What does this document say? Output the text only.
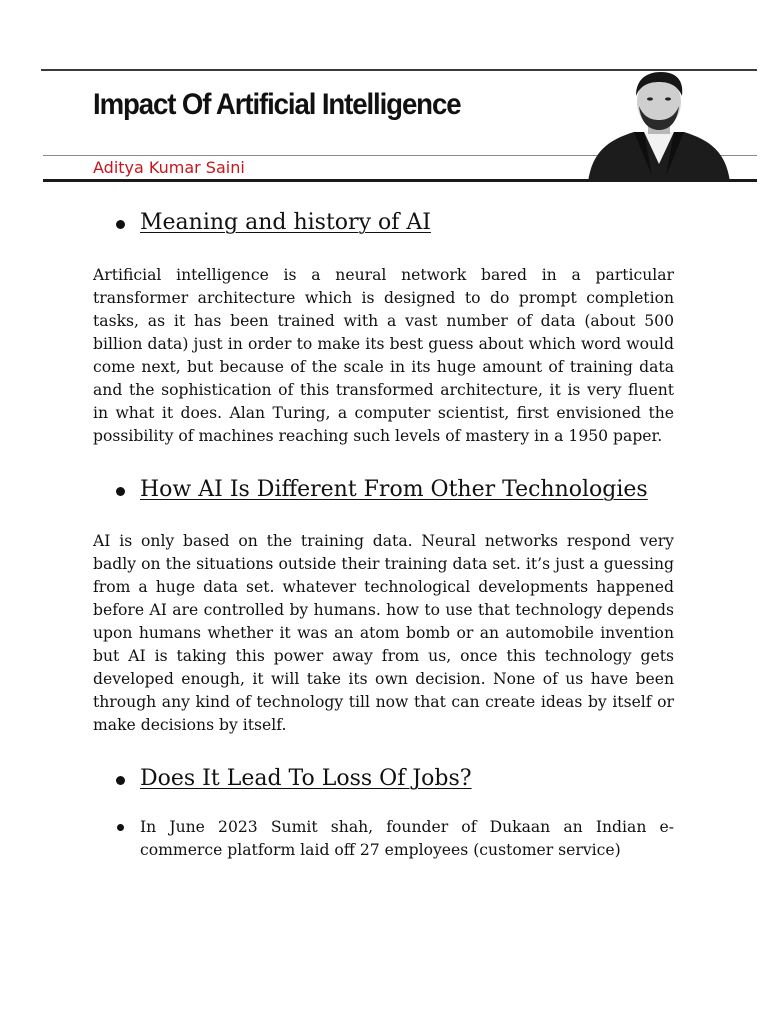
Impact Of Artificial Intelligence
Aditya Kumar Saini
Meaning and history of AI

Artificial intelligence is a neural network bared in a particular transformer architecture which is designed to do prompt completion tasks, as it has been trained with a vast number of data (about 500 billion data) just in order to make its best guess about which word would come next, but because of the scale in its huge amount of training data and the sophistication of this transformed architecture, it is very fluent in what it does. Alan Turing, a computer scientist, first envisioned the possibility of machines reaching such levels of mastery in a 1950 paper.

How AI Is Different From Other Technologies

AI is only based on the training data. Neural networks respond very badly on the situations outside their training data set. it’s just a guessing from a huge data set. whatever technological developments happened before AI are controlled by humans. how to use that technology depends upon humans whether it was an atom bomb or an automobile invention but AI is taking this power away from us, once this technology gets developed enough, it will take its own decision. None of us have been through any kind of technology till now that can create ideas by itself or make decisions by itself.

Does It Lead To Loss Of Jobs?

In June 2023 Sumit shah, founder of Dukaan an Indian e-commerce platform laid off 27 employees (customer service)
